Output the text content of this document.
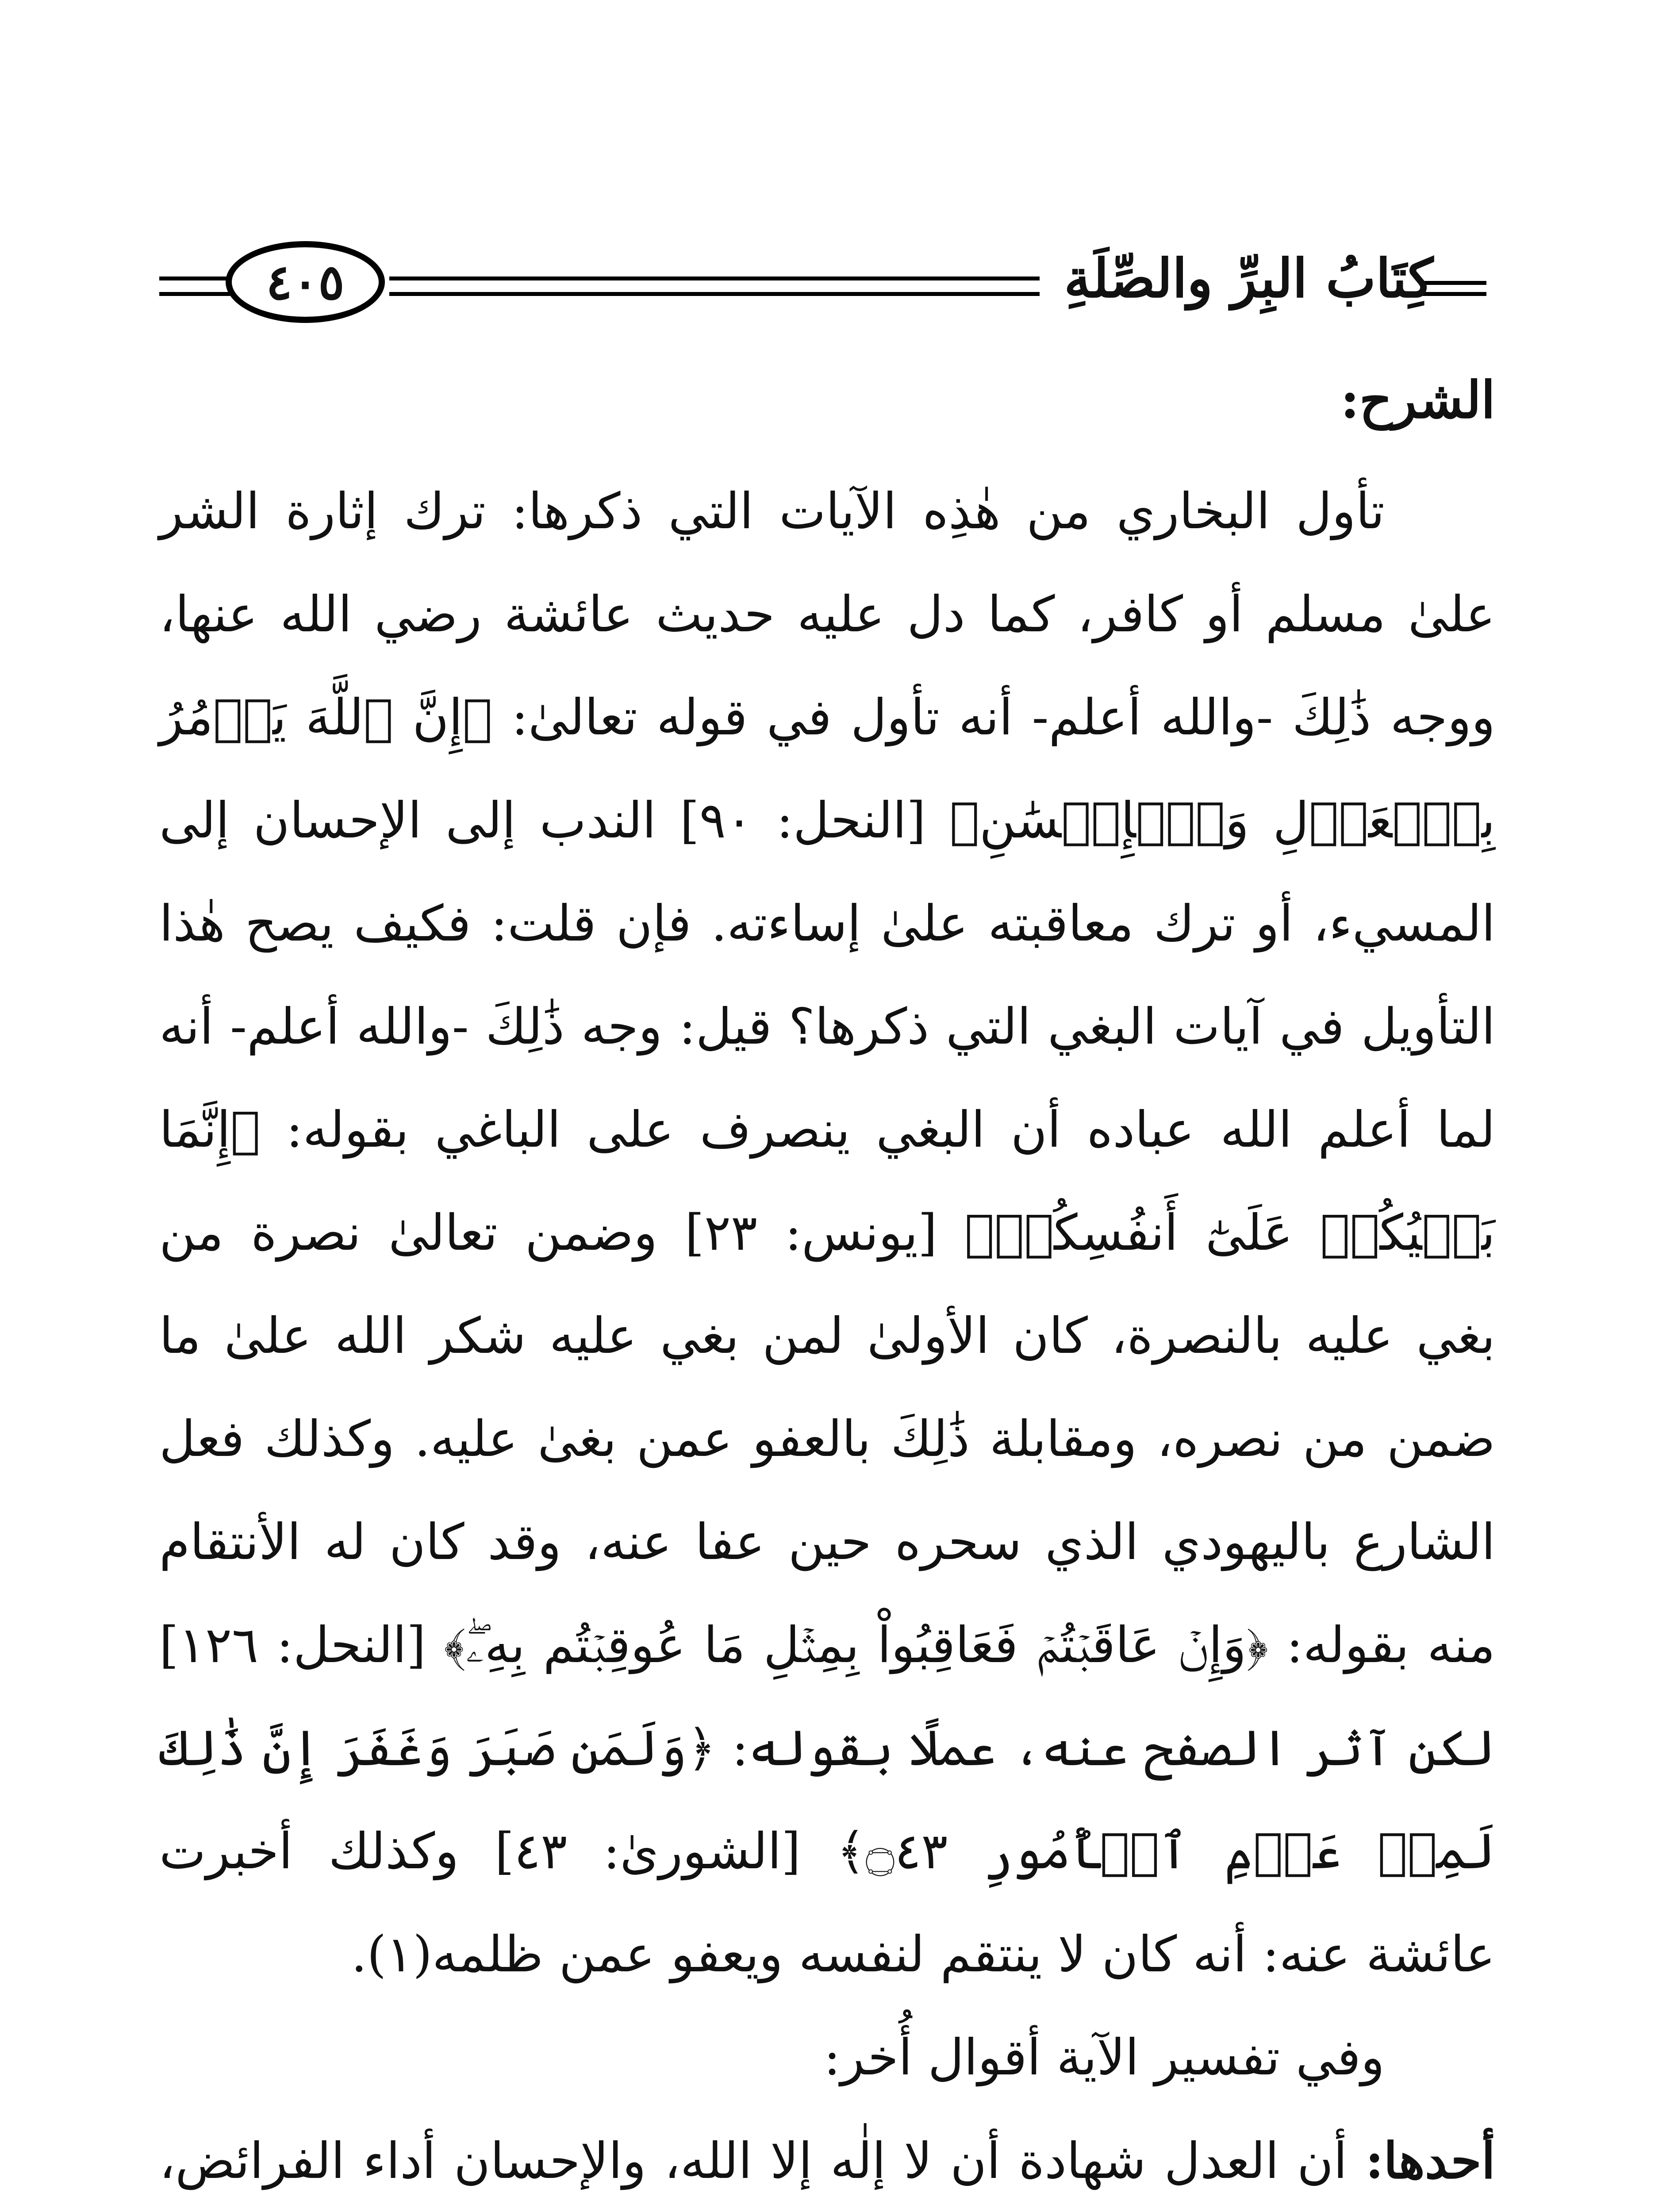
كِتَابُ البِرِّ والصِّلَةِ
٤٠٥
الشرح:

تأول البخاري من هٰذِه الآيات التي ذكرها: ترك إثارة الشر علىٰ مسلم أو كافر، كما دل عليه حديث عائشة رضي الله عنها، ووجه ذَٰلِكَ -والله أعلم- أنه تأول في قوله تعالىٰ: ﴿إِنَّ ٱللَّهَ يَأۡمُرُ بِٱلۡعَدۡلِ وَٱلۡإِحۡسَٰنِ﴾ [النحل: ٩٠] الندب إلى الإحسان إلى المسيء، أو ترك معاقبته علىٰ إساءته. فإن قلت: فكيف يصح هٰذا التأويل في آيات البغي التي ذكرها؟ قيل: وجه ذَٰلِكَ -والله أعلم- أنه لما أعلم الله عباده أن البغي ينصرف على الباغي بقوله: ﴿إِنَّمَا بَغۡيُكُمۡ عَلَىٰٓ أَنفُسِكُمۖ﴾ [يونس: ٢٣] وضمن تعالىٰ نصرة من بغي عليه بالنصرة، كان الأولىٰ لمن بغي عليه شكر الله علىٰ ما ضمن من نصره، ومقابلة ذَٰلِكَ بالعفو عمن بغىٰ عليه. وكذلك فعل الشارع باليهودي الذي سحره حين عفا عنه، وقد كان له الأنتقام منه بقوله: ﴿وَإِنۡ عَاقَبۡتُمۡ فَعَاقِبُواْ بِمِثۡلِ مَا عُوقِبۡتُم بِهِۦۖ﴾ [النحل: ١٢٦] لكن آثر الصفح عنه، عملًا بقوله: ﴿وَلَمَن صَبَرَ وَغَفَرَ إِنَّ ذَٰلِكَ لَمِنۡ عَزۡمِ ٱلۡأُمُورِ ۝٤٣﴾ [الشورىٰ: ٤٣] وكذلك أخبرت عائشة عنه: أنه كان لا ينتقم لنفسه ويعفو عمن ظلمه(١).

وفي تفسير الآية أقوال أُخر:

أحدها: أن العدل شهادة أن لا إلٰه إلا الله، والإحسان أداء الفرائض،
